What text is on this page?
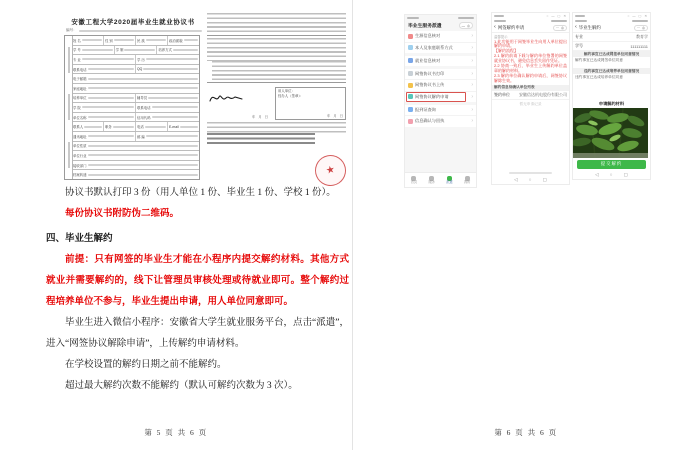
安徽工程大学2020届毕业生就业协议书
编号：
姓 名	性 别	民 族	政治面貌
学 号	学 制	培养方式
专 业	学 历
联系电话	QQ
电子邮箱
家庭地址
培养单位	辅导员
学 院	联系电话
单位名称	信用代码
联系人	职务	电话	E-mail
通讯地址	邮 编
单位性质
单位行业
接收部门
档案转递
年　月　日
用人单位：
经办人（签章）：
年　月　日
★

协议书默认打印 3 份（用人单位 1 份、毕业生 1 份、学校 1 份）。

每份协议书附防伪二维码。

四、毕业生解约

前提：只有网签的毕业生才能在小程序内提交解约材料。其他方式就业并需要解约的，线下让管理员审核处理或待就业即可。整个解约过程培养单位不参与，毕业生提出申请，用人单位同意即可。

毕业生进入微信小程序：安徽省大学生就业服务平台，点击“派遣”，进入“网签协议解除申请”，上传解约申请材料。

在学校设置的解约日期之前不能解约。

超过最大解约次数不能解约（默认可解约次数为 3 次）。

第 5 页 共 6 页
毕业生服务派遣	— ◎
生源信息核对	›
本人及家庭联系方式	›
就业信息核对	›
网签协议书打印	›
网签协议书上传	›
网签协议解约申请	›
报到证查询	›
信息确认与回执	›
首页	服务	派遣	我的
○ — ▢ ✕
‹ 网签解约申请	⋯ ◎
温馨提示
1.此功能用于网签毕业生向用人单位提出解约申请。
【解约流程】
2.1 解约前请下载与解约单位签署的网签就业协议书，避免信息丢失留作凭证。
2.2 协商一致后，毕业生上传解约单位盖章的解约材料。
2.3 解约单位确认解约申请后，网签协议解除生效。
解约信息待确认单位列表
签约单位 安徽信达机电股份有限公司
暂无申请记录
◁ ○ ▢
○ — ▢ ✕
‹ 毕业生解约	⋯ ◎
专业	教育学
学号	111111111
解约事宜已达成网签单位同意情况
解约事宜已达成网签单位同意
违约事宜已达成培养单位同意情况
违约事宜已达成培养单位同意
申请解约材料
提交解约
◁ ○ ▢
第 6 页 共 6 页
